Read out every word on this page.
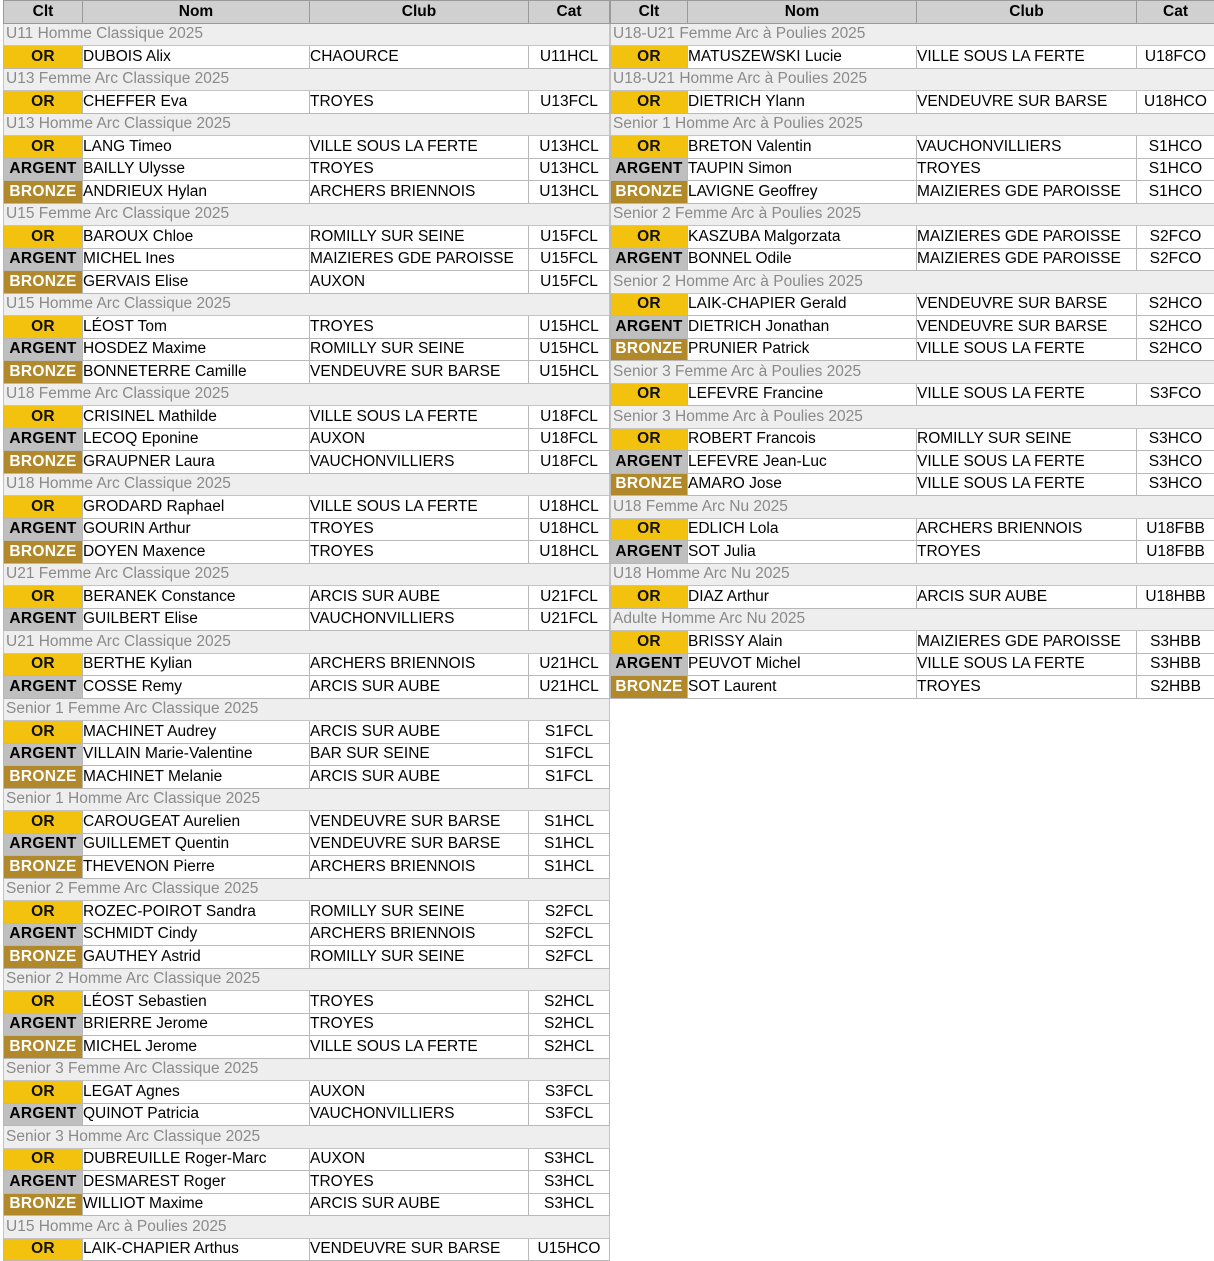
Clt	Nom	Club	Cat
U11 Homme Classique 2025			
OR	DUBOIS Alix	CHAOURCE	U11HCL
U13 Femme Arc Classique 2025			
OR	CHEFFER Eva	TROYES	U13FCL
U13 Homme Arc Classique 2025			
OR	LANG Timeo	VILLE SOUS LA FERTE	U13HCL
ARGENT	BAILLY Ulysse	TROYES	U13HCL
BRONZE	ANDRIEUX Hylan	ARCHERS BRIENNOIS	U13HCL
U15 Femme Arc Classique 2025			
OR	BAROUX Chloe	ROMILLY SUR SEINE	U15FCL
ARGENT	MICHEL Ines	MAIZIERES GDE PAROISSE	U15FCL
BRONZE	GERVAIS Elise	AUXON	U15FCL
U15 Homme Arc Classique 2025			
OR	LÉOST Tom	TROYES	U15HCL
ARGENT	HOSDEZ Maxime	ROMILLY SUR SEINE	U15HCL
BRONZE	BONNETERRE Camille	VENDEUVRE SUR BARSE	U15HCL
U18 Femme Arc Classique 2025			
OR	CRISINEL Mathilde	VILLE SOUS LA FERTE	U18FCL
ARGENT	LECOQ Eponine	AUXON	U18FCL
BRONZE	GRAUPNER Laura	VAUCHONVILLIERS	U18FCL
U18 Homme Arc Classique 2025			
OR	GRODARD Raphael	VILLE SOUS LA FERTE	U18HCL
ARGENT	GOURIN Arthur	TROYES	U18HCL
BRONZE	DOYEN Maxence	TROYES	U18HCL
U21 Femme Arc Classique 2025			
OR	BERANEK Constance	ARCIS SUR AUBE	U21FCL
ARGENT	GUILBERT Elise	VAUCHONVILLIERS	U21FCL
U21 Homme Arc Classique 2025			
OR	BERTHE Kylian	ARCHERS BRIENNOIS	U21HCL
ARGENT	COSSE Remy	ARCIS SUR AUBE	U21HCL
Senior 1 Femme Arc Classique 2025			
OR	MACHINET Audrey	ARCIS SUR AUBE	S1FCL
ARGENT	VILLAIN Marie-Valentine	BAR SUR SEINE	S1FCL
BRONZE	MACHINET Melanie	ARCIS SUR AUBE	S1FCL
Senior 1 Homme Arc Classique 2025			
OR	CAROUGEAT Aurelien	VENDEUVRE SUR BARSE	S1HCL
ARGENT	GUILLEMET Quentin	VENDEUVRE SUR BARSE	S1HCL
BRONZE	THEVENON Pierre	ARCHERS BRIENNOIS	S1HCL
Senior 2 Femme Arc Classique 2025			
OR	ROZEC-POIROT Sandra	ROMILLY SUR SEINE	S2FCL
ARGENT	SCHMIDT Cindy	ARCHERS BRIENNOIS	S2FCL
BRONZE	GAUTHEY Astrid	ROMILLY SUR SEINE	S2FCL
Senior 2 Homme Arc Classique 2025			
OR	LÉOST Sebastien	TROYES	S2HCL
ARGENT	BRIERRE Jerome	TROYES	S2HCL
BRONZE	MICHEL Jerome	VILLE SOUS LA FERTE	S2HCL
Senior 3 Femme Arc Classique 2025			
OR	LEGAT Agnes	AUXON	S3FCL
ARGENT	QUINOT Patricia	VAUCHONVILLIERS	S3FCL
Senior 3 Homme Arc Classique 2025			
OR	DUBREUILLE Roger-Marc	AUXON	S3HCL
ARGENT	DESMAREST Roger	TROYES	S3HCL
BRONZE	WILLIOT Maxime	ARCIS SUR AUBE	S3HCL
U15 Homme Arc à Poulies 2025			
OR	LAIK-CHAPIER Arthus	VENDEUVRE SUR BARSE	U15HCO
Clt	Nom	Club	Cat
U18-U21 Femme Arc à Poulies 2025			
OR	MATUSZEWSKI Lucie	VILLE SOUS LA FERTE	U18FCO
U18-U21 Homme Arc à Poulies 2025			
OR	DIETRICH Ylann	VENDEUVRE SUR BARSE	U18HCO
Senior 1 Homme Arc à Poulies 2025			
OR	BRETON Valentin	VAUCHONVILLIERS	S1HCO
ARGENT	TAUPIN Simon	TROYES	S1HCO
BRONZE	LAVIGNE Geoffrey	MAIZIERES GDE PAROISSE	S1HCO
Senior 2 Femme Arc à Poulies 2025			
OR	KASZUBA Malgorzata	MAIZIERES GDE PAROISSE	S2FCO
ARGENT	BONNEL Odile	MAIZIERES GDE PAROISSE	S2FCO
Senior 2 Homme Arc à Poulies 2025			
OR	LAIK-CHAPIER Gerald	VENDEUVRE SUR BARSE	S2HCO
ARGENT	DIETRICH Jonathan	VENDEUVRE SUR BARSE	S2HCO
BRONZE	PRUNIER Patrick	VILLE SOUS LA FERTE	S2HCO
Senior 3 Femme Arc à Poulies 2025			
OR	LEFEVRE Francine	VILLE SOUS LA FERTE	S3FCO
Senior 3 Homme Arc à Poulies 2025			
OR	ROBERT Francois	ROMILLY SUR SEINE	S3HCO
ARGENT	LEFEVRE Jean-Luc	VILLE SOUS LA FERTE	S3HCO
BRONZE	AMARO Jose	VILLE SOUS LA FERTE	S3HCO
U18 Femme Arc Nu 2025			
OR	EDLICH Lola	ARCHERS BRIENNOIS	U18FBB
ARGENT	SOT Julia	TROYES	U18FBB
U18 Homme Arc Nu 2025			
OR	DIAZ Arthur	ARCIS SUR AUBE	U18HBB
Adulte Homme Arc Nu 2025			
OR	BRISSY Alain	MAIZIERES GDE PAROISSE	S3HBB
ARGENT	PEUVOT Michel	VILLE SOUS LA FERTE	S3HBB
BRONZE	SOT Laurent	TROYES	S2HBB
